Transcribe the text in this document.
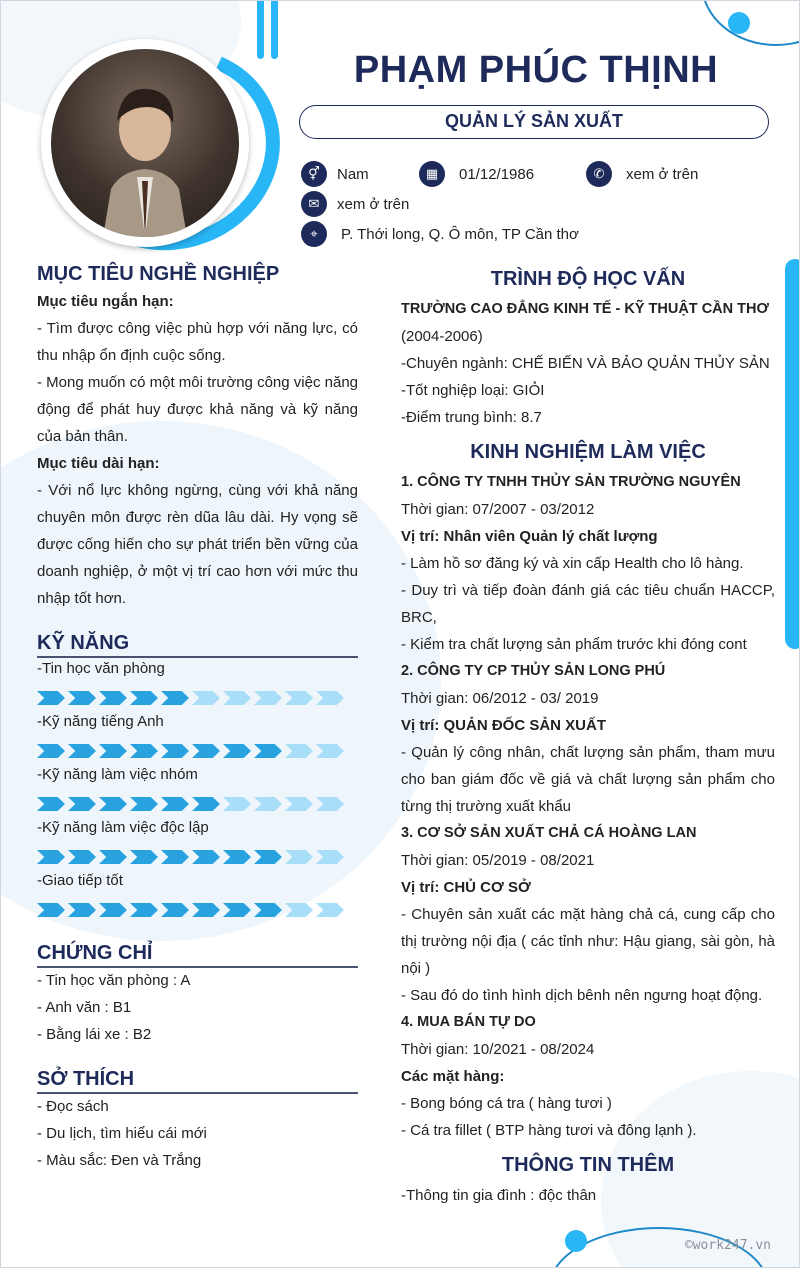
PHẠM PHÚC THỊNH
QUẢN LÝ SẢN XUẤT
⚥	Nam	▦	01/12/1986	✆	xem ở trên
✉	xem ở trên
⌖	P. Thới long, Q. Ô môn, TP Cần thơ
MỤC TIÊU NGHỀ NGHIỆP
Mục tiêu ngắn hạn:
- Tìm được công việc phù hợp với năng lực, có thu nhập ổn định cuộc sống.
- Mong muốn có một môi trường công việc năng động để phát huy được khả năng và kỹ năng của bản thân.
Mục tiêu dài hạn:
- Với nổ lực không ngừng, cùng với khả năng chuyên môn được rèn dũa lâu dài. Hy vọng sẽ được cống hiến cho sự phát triển bền vững của doanh nghiệp, ở một vị trí cao hơn với mức thu nhập tốt hơn.
KỸ NĂNG
-Tin học văn phòng
-Kỹ năng tiếng Anh
-Kỹ năng làm việc nhóm
-Kỹ năng làm việc độc lập
-Giao tiếp tốt
CHỨNG CHỈ
- Tin học văn phòng : A
- Anh văn : B1
- Bằng lái xe : B2
SỞ THÍCH
- Đọc sách
- Du lịch, tìm hiểu cái mới
- Màu sắc: Đen và Trắng
TRÌNH ĐỘ HỌC VẤN
TRƯỜNG CAO ĐẲNG KINH TẾ - KỸ THUẬT CẦN THƠ
(2004-2006)
-Chuyên ngành: CHẾ BIẾN VÀ BẢO QUẢN THỦY SẢN
-Tốt nghiệp loại: GIỎI
-Điểm trung bình: 8.7
KINH NGHIỆM LÀM VIỆC
1. CÔNG TY TNHH THỦY SẢN TRƯỜNG NGUYÊN
Thời gian: 07/2007 - 03/2012
Vị trí: Nhân viên Quản lý chất lượng
- Làm hồ sơ đăng ký và xin cấp Health cho lô hàng.
- Duy trì và tiếp đoàn đánh giá các tiêu chuẩn HACCP, BRC,
- Kiểm tra chất lượng sản phẩm trước khi đóng cont
2. CÔNG TY CP THỦY SẢN LONG PHÚ
Thời gian: 06/2012 - 03/ 2019
Vị trí: QUẢN ĐỐC SẢN XUẤT
- Quản lý công nhân, chất lượng sản phẩm, tham mưu cho ban giám đốc về giá và chất lượng sản phẩm cho từng thị trường xuất khẩu
3. CƠ SỞ SẢN XUẤT CHẢ CÁ HOÀNG LAN
Thời gian: 05/2019 - 08/2021
Vị trí: CHỦ CƠ SỞ
- Chuyên sản xuất các mặt hàng chả cá, cung cấp cho thị trường nội địa ( các tỉnh như: Hậu giang, sài gòn, hà nội )
- Sau đó do tình hình dịch bênh nên ngưng hoạt động.
4. MUA BÁN TỰ DO
Thời gian: 10/2021 - 08/2024
Các mặt hàng:
- Bong bóng cá tra ( hàng tươi )
- Cá tra fillet ( BTP hàng tươi và đông lạnh ).
THÔNG TIN THÊM
-Thông tin gia đình : độc thân
©work247.vn
